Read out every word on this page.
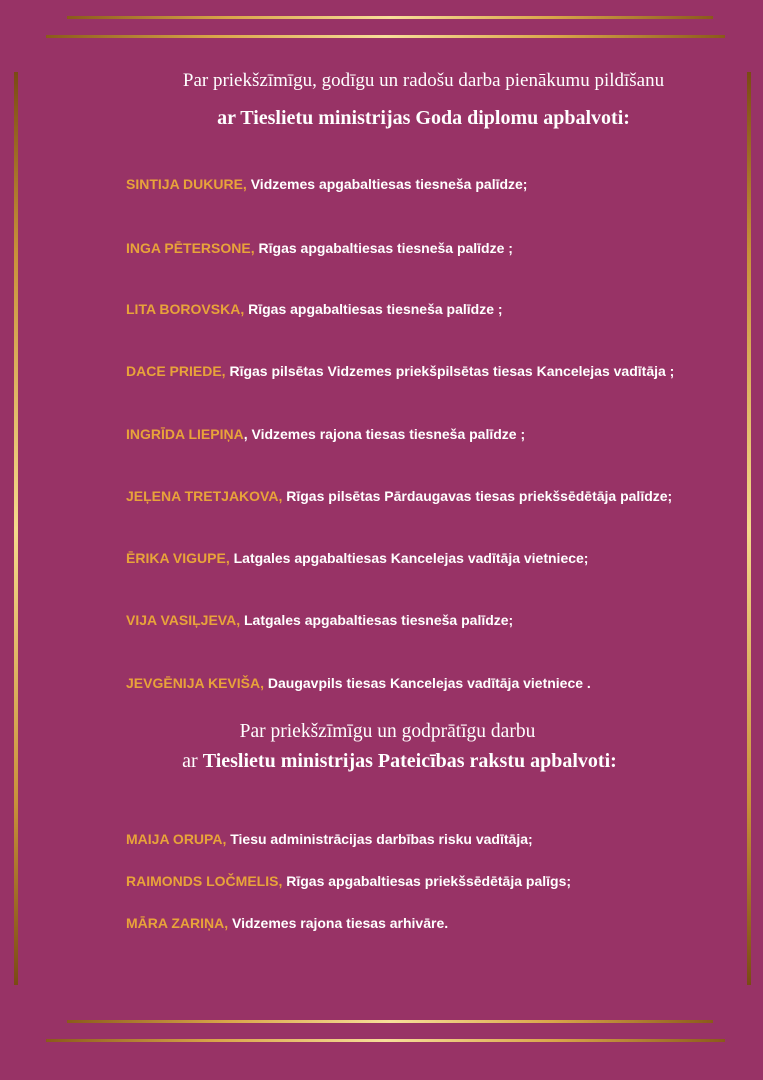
Par priekšzīmīgu, godīgu un radošu darba pienākumu pildīšanu
ar Tieslietu ministrijas Goda diplomu apbalvoti:
SINTIJA DUKURE, Vidzemes apgabaltiesas tiesneša palīdze;
INGA PĒTERSONE, Rīgas apgabaltiesas tiesneša palīdze ;
LITA BOROVSKA, Rīgas apgabaltiesas tiesneša palīdze ;
DACE PRIEDE, Rīgas pilsētas Vidzemes priekšpilsētas tiesas Kancelejas vadītāja ;
INGRĪDA LIEPIŅA, Vidzemes rajona tiesas tiesneša palīdze ;
JEĻENA TRETJAKOVA, Rīgas pilsētas Pārdaugavas tiesas priekšsēdētāja palīdze;
ĒRIKA VIGUPE, Latgales apgabaltiesas Kancelejas vadītāja vietniece;
VIJA VASIĻJEVA, Latgales apgabaltiesas tiesneša palīdze;
JEVGĒNIJA KEVIŠA, Daugavpils tiesas Kancelejas vadītāja vietniece .
Par priekšzīmīgu un godprātīgu darbu
ar Tieslietu ministrijas Pateicības rakstu apbalvoti:
MAIJA ORUPA, Tiesu administrācijas darbības risku vadītāja;
RAIMONDS LOČMELIS, Rīgas apgabaltiesas priekšsēdētāja palīgs;
MĀRA ZARIŅA, Vidzemes rajona tiesas arhivāre.
